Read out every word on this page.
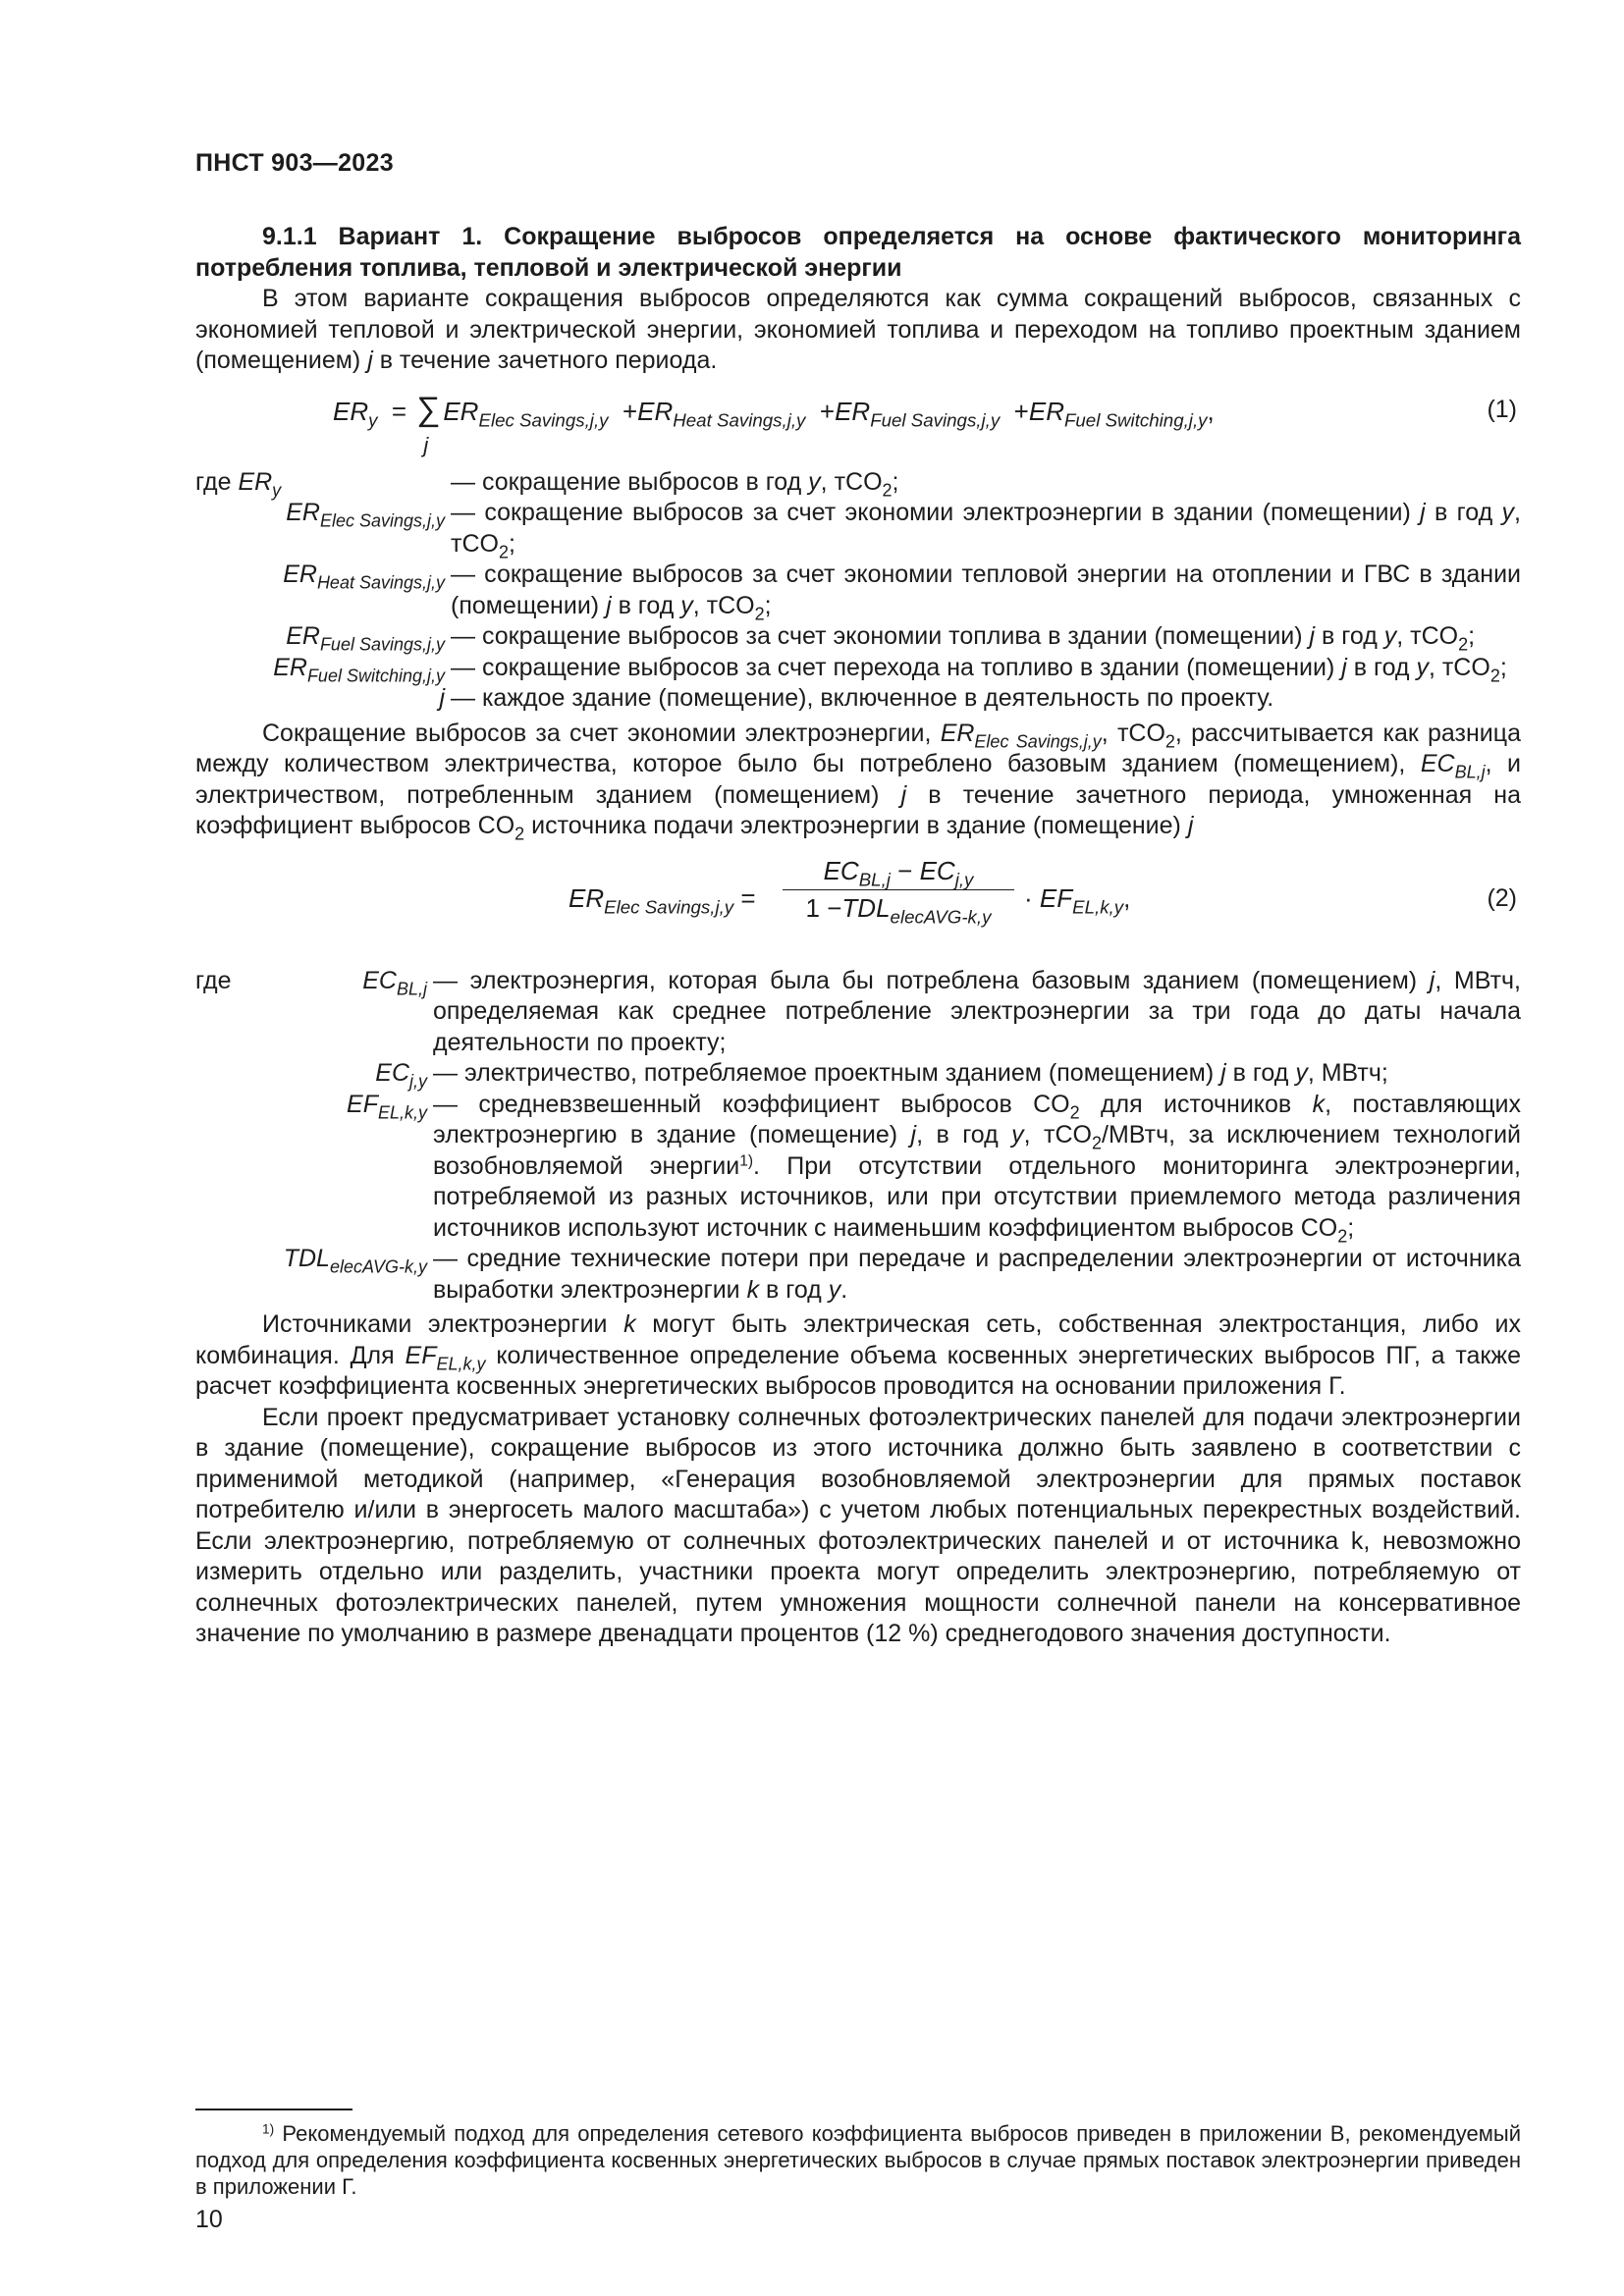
ПНСТ 903—2023

9.1.1 Вариант 1. Сокращение выбросов определяется на основе фактического мониторинга потребления топлива, тепловой и электрической энергии

В этом варианте сокращения выбросов определяются как сумма сокращений выбросов, связанных с экономией тепловой и электрической энергии, экономией топлива и переходом на топливо проектным зданием (помещением) j в течение зачетного периода.

$ER_y$  = ∑
j
$ER_{Elec Savings,j,y} +ER_{Heat Savings,j,y} +ER_{Fuel Savings,j,y} +ER_{Fuel Switching,j,y}$,	(1)
где $ER_y$	— сокращение выбросов в год y, тCO$_2$;
$ER_{Elec Savings,j,y}$ — сокращение выбросов за счет экономии электроэнергии в здании (помещении) j в год y, тCO$_2$;
$ER_{Heat Savings,j,y}$ — сокращение выбросов за счет экономии тепловой энергии на отоплении и ГВС в здании (помещении) j в год y, тCO$_2$;
$ER_{Fuel Savings,j,y}$ — сокращение выбросов за счет экономии топлива в здании (помещении) j в год y, тCO$_2$;
$ER_{Fuel Switching,j,y}$ — сокращение выбросов за счет перехода на топливо в здании (помещении) j в год y, тCO$_2$;
j — каждое здание (помещение), включенное в деятельность по проекту.

Сокращение выбросов за счет экономии электроэнергии, $ER_{Elec Savings,j,y}$, тCO$_2$, рассчитывается как разница между количеством электричества, которое было бы потреблено базовым зданием (помещением), $EC_{BL,j}$, и электричеством, потребленным зданием (помещением) j в течение зачетного периода, умноженная на коэффициент выбросов $CO_2$ источника подачи электроэнергии в здание (помещение) j

$ER_{Elec Savings,j,y}$ =
$EC_{BL,j} - EC_{j,y}$
$1 -TDL_{elecAVG-k,y}$
· $EF_{EL,k,y}$,	(2)
где	$EC_{BL,j}$ — электроэнергия, которая была бы потреблена базовым зданием (помещением) j, МВтч, определяемая как среднее потребление электроэнергии за три года до даты начала деятельности по проекту;
$EC_{j,y}$ — электричество, потребляемое проектным зданием (помещением) j в год y, МВтч;
$EF_{EL,k,y}$ — средневзвешенный коэффициент выбросов $CO_2$ для источников k, поставляющих электроэнергию в здание (помещение) j, в год y, тCO$_2$/МВтч, за исключением технологий возобновляемой энергии$^{1)}$. При отсутствии отдельного мониторинга электроэнергии, потребляемой из разных источников, или при отсутствии приемлемого метода различения источников используют источник с наименьшим коэффициентом выбросов $CO_2$;
$TDL_{elecAVG-k,y}$ — средние технические потери при передаче и распределении электроэнергии от источника выработки электроэнергии k в год y.

Источниками электроэнергии k могут быть электрическая сеть, собственная электростанция, либо их комбинация. Для $EF_{EL,k,y}$ количественное определение объема косвенных энергетических выбросов ПГ, а также расчет коэффициента косвенных энергетических выбросов проводится на основании приложения Г.

Если проект предусматривает установку солнечных фотоэлектрических панелей для подачи электроэнергии в здание (помещение), сокращение выбросов из этого источника должно быть заявлено в соответствии с применимой методикой (например, «Генерация возобновляемой электроэнергии для прямых поставок потребителю и/или в энергосеть малого масштаба») с учетом любых потенциальных перекрестных воздействий. Если электроэнергию, потребляемую от солнечных фотоэлектрических панелей и от источника k, невозможно измерить отдельно или разделить, участники проекта могут определить электроэнергию, потребляемую от солнечных фотоэлектрических панелей, путем умножения мощности солнечной панели на консервативное значение по умолчанию в размере двенадцати процентов (12 %) среднегодового значения доступности.

$^{1)}$ Рекомендуемый подход для определения сетевого коэффициента выбросов приведен в приложении В, рекомендуемый подход для определения коэффициента косвенных энергетических выбросов в случае прямых поставок электроэнергии приведен в приложении Г.
10
